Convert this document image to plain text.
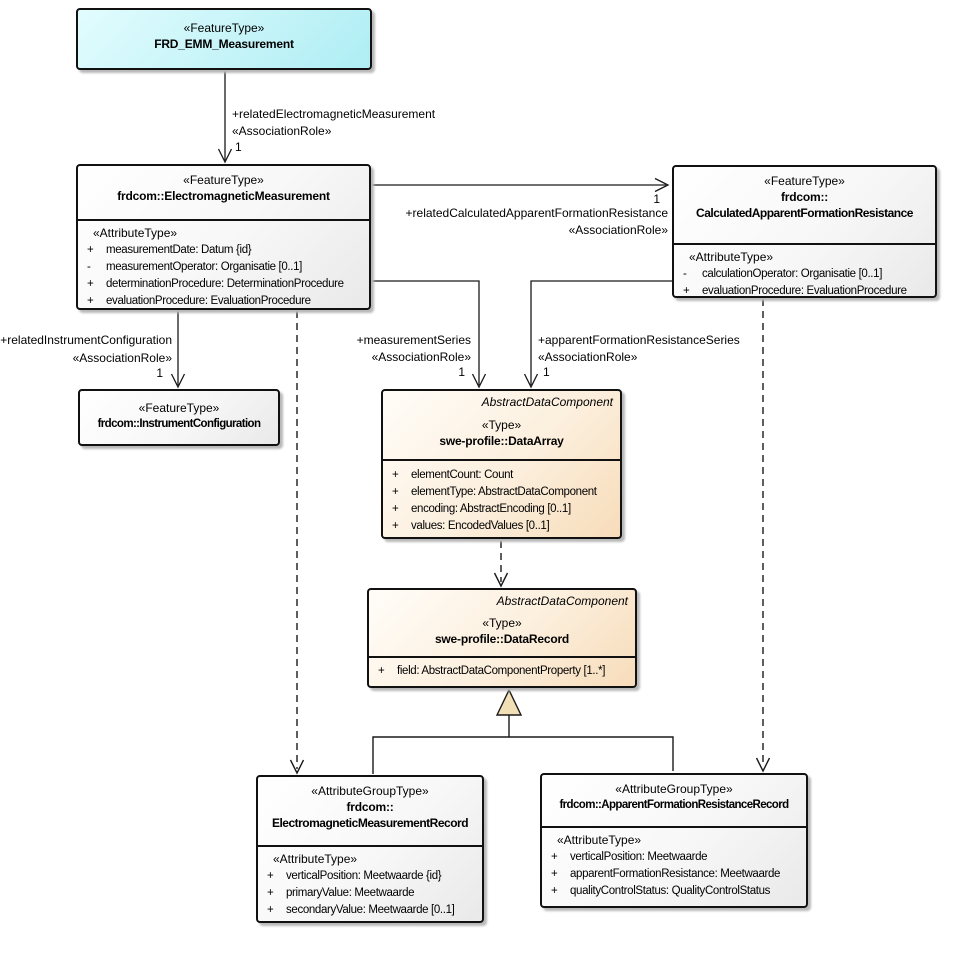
«FeatureType»
FRD_EMM_Measurement
«FeatureType»
frdcom::ElectromagneticMeasurement
«AttributeType»
+	measurementDate: Datum {id}
-	measurementOperator: Organisatie [0..1]
+	determinationProcedure: DeterminationProcedure
+	evaluationProcedure: EvaluationProcedure
«FeatureType»
frdcom::
CalculatedApparentFormationResistance
«AttributeType»
-	calculationOperator: Organisatie [0..1]
+	evaluationProcedure: EvaluationProcedure
«FeatureType»
frdcom::InstrumentConfiguration
AbstractDataComponent
«Type»
swe-profile::DataArray
+	elementCount: Count
+	elementType: AbstractDataComponent
+	encoding: AbstractEncoding [0..1]
+	values: EncodedValues [0..1]
AbstractDataComponent
«Type»
swe-profile::DataRecord
+	field: AbstractDataComponentProperty [1..*]
«AttributeGroupType»
frdcom::
ElectromagneticMeasurementRecord
«AttributeType»
+	verticalPosition: Meetwaarde {id}
+	primaryValue: Meetwaarde
+	secondaryValue: Meetwaarde [0..1]
«AttributeGroupType»
frdcom::ApparentFormationResistanceRecord
«AttributeType»
+	verticalPosition: Meetwaarde
+	apparentFormationResistance: Meetwaarde
+	qualityControlStatus: QualityControlStatus
+relatedElectromagneticMeasurement
«AssociationRole»
1
+relatedCalculatedApparentFormationResistance
«AssociationRole»
1
+relatedInstrumentConfiguration
«AssociationRole»
1
+measurementSeries
«AssociationRole»
1
+apparentFormationResistanceSeries
«AssociationRole»
1
